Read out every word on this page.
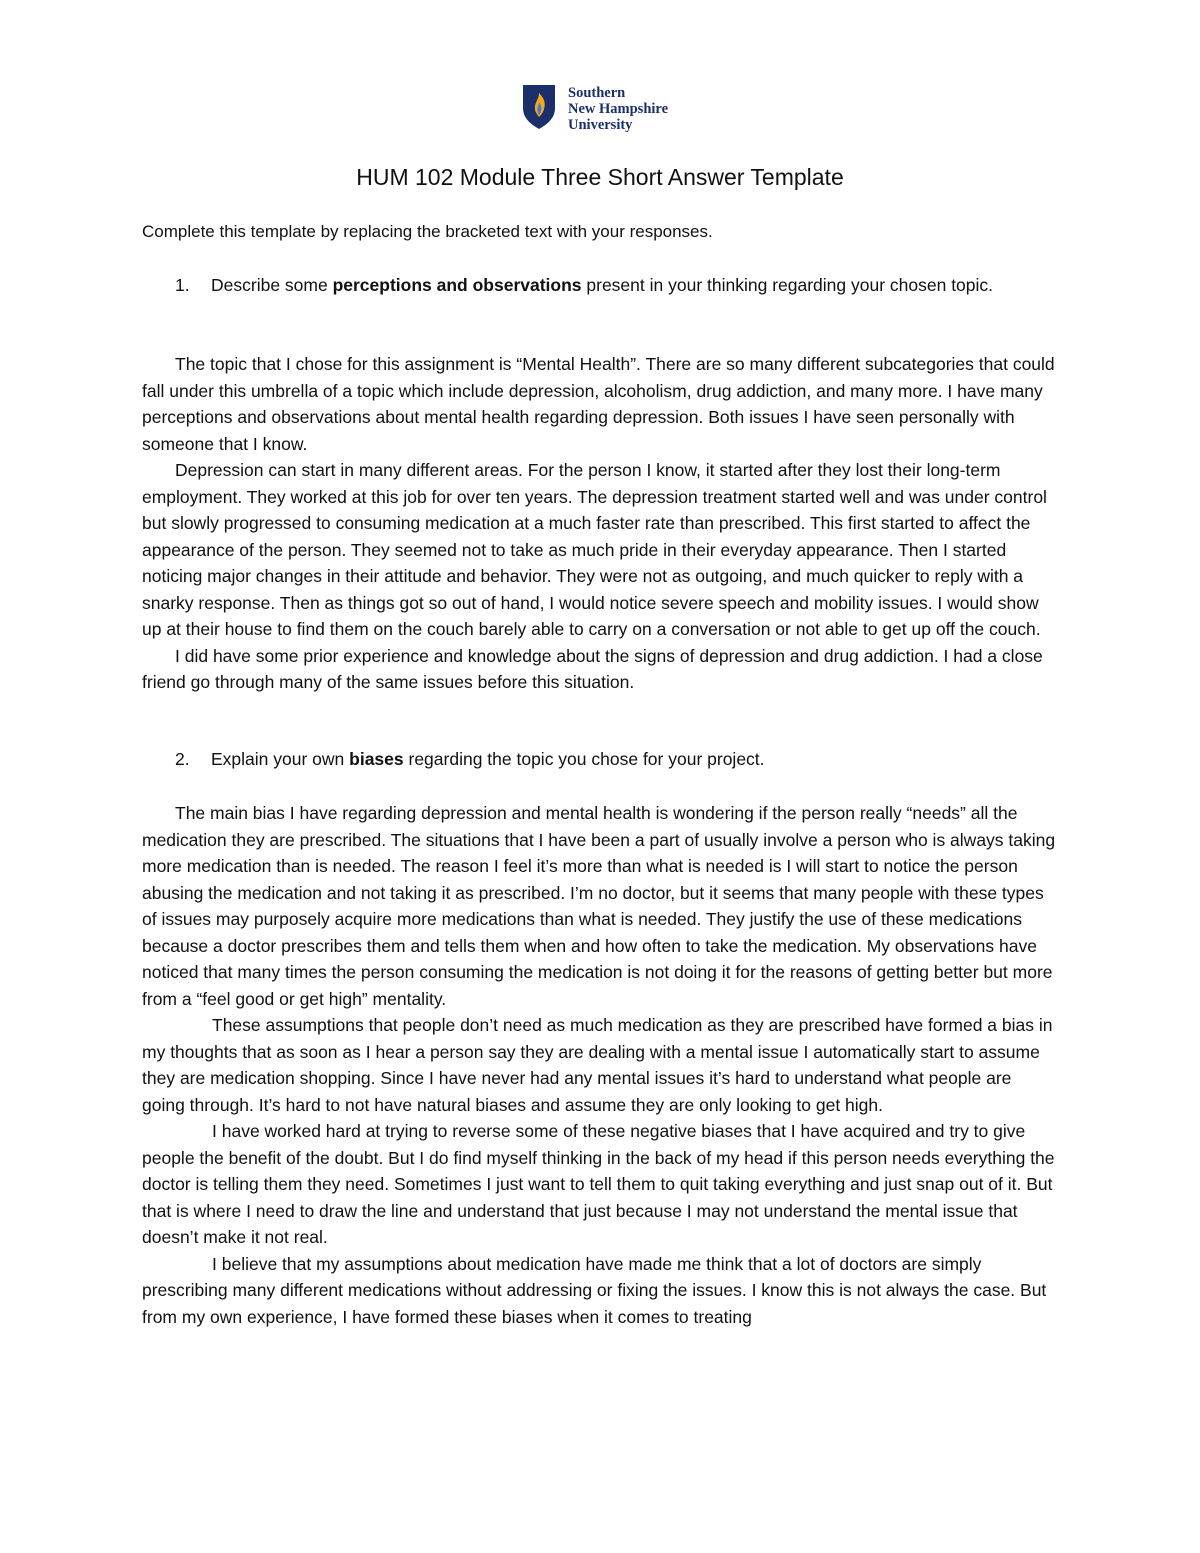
Southern
New Hampshire
University
HUM 102 Module Three Short Answer Template
Complete this template by replacing the bracketed text with your responses.
1. Describe some perceptions and observations present in your thinking regarding your chosen topic.

The topic that I chose for this assignment is “Mental Health”. There are so many different subcategories that could fall under this umbrella of a topic which include depression, alcoholism, drug addiction, and many more. I have many perceptions and observations about mental health regarding depression. Both issues I have seen personally with someone that I know.

Depression can start in many different areas. For the person I know, it started after they lost their long-term employment. They worked at this job for over ten years. The depression treatment started well and was under control but slowly progressed to consuming medication at a much faster rate than prescribed. This first started to affect the appearance of the person. They seemed not to take as much pride in their everyday appearance. Then I started noticing major changes in their attitude and behavior. They were not as outgoing, and much quicker to reply with a snarky response. Then as things got so out of hand, I would notice severe speech and mobility issues. I would show up at their house to find them on the couch barely able to carry on a conversation or not able to get up off the couch.

I did have some prior experience and knowledge about the signs of depression and drug addiction. I had a close friend go through many of the same issues before this situation.

2. Explain your own biases regarding the topic you chose for your project.

The main bias I have regarding depression and mental health is wondering if the person really “needs” all the medication they are prescribed. The situations that I have been a part of usually involve a person who is always taking more medication than is needed. The reason I feel it’s more than what is needed is I will start to notice the person abusing the medication and not taking it as prescribed. I’m no doctor, but it seems that many people with these types of issues may purposely acquire more medications than what is needed. They justify the use of these medications because a doctor prescribes them and tells them when and how often to take the medication. My observations have noticed that many times the person consuming the medication is not doing it for the reasons of getting better but more from a “feel good or get high” mentality.

These assumptions that people don’t need as much medication as they are prescribed have formed a bias in my thoughts that as soon as I hear a person say they are dealing with a mental issue I automatically start to assume they are medication shopping. Since I have never had any mental issues it’s hard to understand what people are going through. It’s hard to not have natural biases and assume they are only looking to get high.

I have worked hard at trying to reverse some of these negative biases that I have acquired and try to give people the benefit of the doubt. But I do find myself thinking in the back of my head if this person needs everything the doctor is telling them they need. Sometimes I just want to tell them to quit taking everything and just snap out of it. But that is where I need to draw the line and understand that just because I may not understand the mental issue that doesn’t make it not real.

I believe that my assumptions about medication have made me think that a lot of doctors are simply prescribing many different medications without addressing or fixing the issues. I know this is not always the case. But from my own experience, I have formed these biases when it comes to treating
